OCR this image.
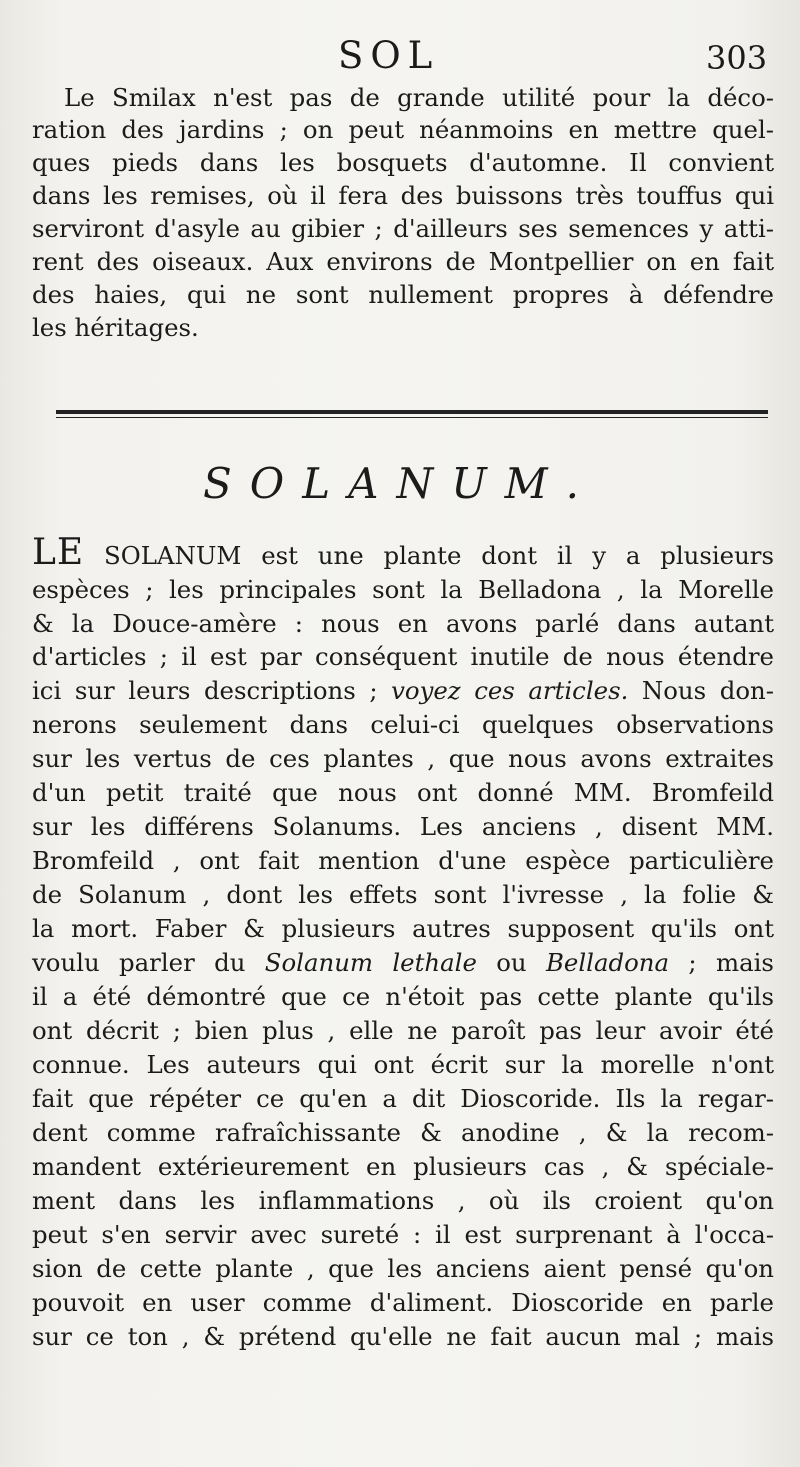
SOL	303
Le Smilax n'est pas de grande utilité pour la déco-
ration des jardins ; on peut néanmoins en mettre quel-
ques pieds dans les bosquets d'automne. Il convient
dans les remises, où il fera des buissons très touffus qui
serviront d'asyle au gibier ; d'ailleurs ses semences y atti-
rent des oiseaux. Aux environs de Montpellier on en fait
des haies, qui ne sont nullement propres à défendre
les héritages.
SOLANUM.
LE SOLANUM est une plante dont il y a plusieurs
espèces ; les principales sont la Belladona , la Morelle
& la Douce-amère : nous en avons parlé dans autant
d'articles ; il est par conséquent inutile de nous étendre
ici sur leurs descriptions ; voyez ces articles. Nous don-
nerons seulement dans celui-ci quelques observations
sur les vertus de ces plantes , que nous avons extraites
d'un petit traité que nous ont donné MM. Bromfeild
sur les différens Solanums. Les anciens , disent MM.
Bromfeild , ont fait mention d'une espèce particulière
de Solanum , dont les effets sont l'ivresse , la folie &
la mort. Faber & plusieurs autres supposent qu'ils ont
voulu parler du Solanum lethale ou Belladona ; mais
il a été démontré que ce n'étoit pas cette plante qu'ils
ont décrit ; bien plus , elle ne paroît pas leur avoir été
connue. Les auteurs qui ont écrit sur la morelle n'ont
fait que répéter ce qu'en a dit Dioscoride. Ils la regar-
dent comme rafraîchissante & anodine , & la recom-
mandent extérieurement en plusieurs cas , & spéciale-
ment dans les inflammations , où ils croient qu'on
peut s'en servir avec sureté : il est surprenant à l'occa-
sion de cette plante , que les anciens aient pensé qu'on
pouvoit en user comme d'aliment. Dioscoride en parle
sur ce ton , & prétend qu'elle ne fait aucun mal ; mais
